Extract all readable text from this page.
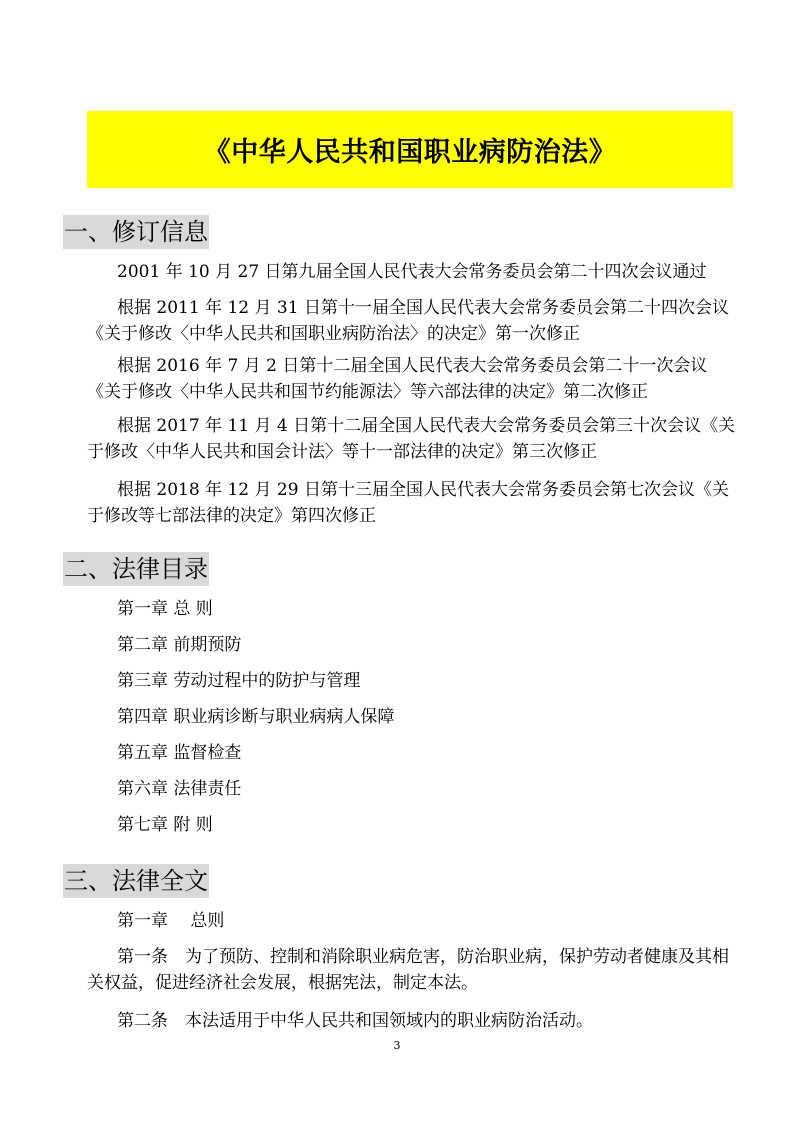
《中华人民共和国职业病防治法》
一、修订信息

2001 年 10 月 27 日第九届全国人民代表大会常务委员会第二十四次会议通过

根据 2011 年 12 月 31 日第十一届全国人民代表大会常务委员会第二十四次会议《关于修改〈中华人民共和国职业病防治法〉的决定》第一次修正

根据 2016 年 7 月 2 日第十二届全国人民代表大会常务委员会第二十一次会议《关于修改〈中华人民共和国节约能源法〉等六部法律的决定》第二次修正

根据 2017 年 11 月 4 日第十二届全国人民代表大会常务委员会第三十次会议《关于修改〈中华人民共和国会计法〉等十一部法律的决定》第三次修正

根据 2018 年 12 月 29 日第十三届全国人民代表大会常务委员会第七次会议《关于修改等七部法律的决定》第四次修正

二、法律目录
第一章 总 则
第二章 前期预防
第三章 劳动过程中的防护与管理
第四章 职业病诊断与职业病病人保障
第五章 监督检查
第六章 法律责任
第七章 附 则
三、法律全文

第一章　 总则

第一条　为了预防、控制和消除职业病危害，防治职业病，保护劳动者健康及其相关权益，促进经济社会发展，根据宪法，制定本法。

第二条　本法适用于中华人民共和国领域内的职业病防治活动。

3
